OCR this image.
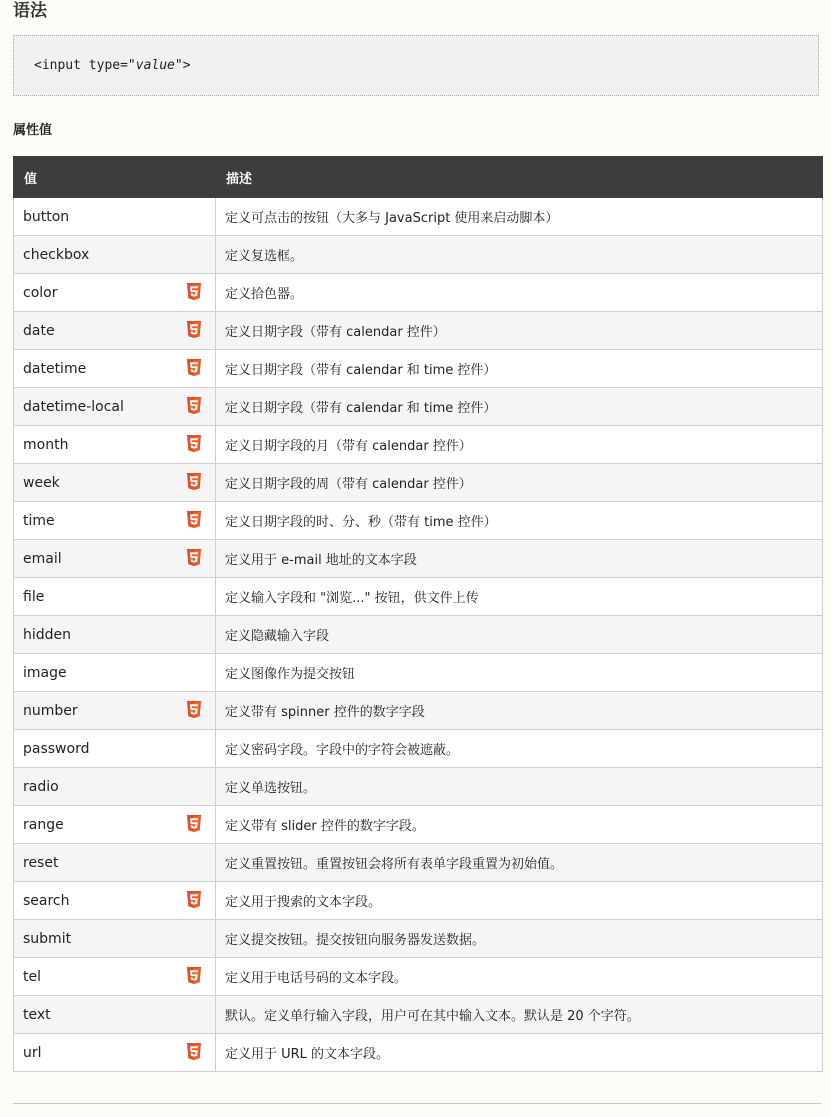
语法
<input type="value">
属性值
值	描述
button	定义可点击的按钮（大多与 JavaScript 使用来启动脚本）
checkbox	定义复选框。
color	定义拾色器。
date	定义日期字段（带有 calendar 控件）
datetime	定义日期字段（带有 calendar 和 time 控件）
datetime-local	定义日期字段（带有 calendar 和 time 控件）
month	定义日期字段的月（带有 calendar 控件）
week	定义日期字段的周（带有 calendar 控件）
time	定义日期字段的时、分、秒（带有 time 控件）
email	定义用于 e-mail 地址的文本字段
file	定义输入字段和 "浏览..." 按钮，供文件上传
hidden	定义隐藏输入字段
image	定义图像作为提交按钮
number	定义带有 spinner 控件的数字字段
password	定义密码字段。字段中的字符会被遮蔽。
radio	定义单选按钮。
range	定义带有 slider 控件的数字字段。
reset	定义重置按钮。重置按钮会将所有表单字段重置为初始值。
search	定义用于搜索的文本字段。
submit	定义提交按钮。提交按钮向服务器发送数据。
tel	定义用于电话号码的文本字段。
text	默认。定义单行输入字段，用户可在其中输入文本。默认是 20 个字符。
url	定义用于 URL 的文本字段。
